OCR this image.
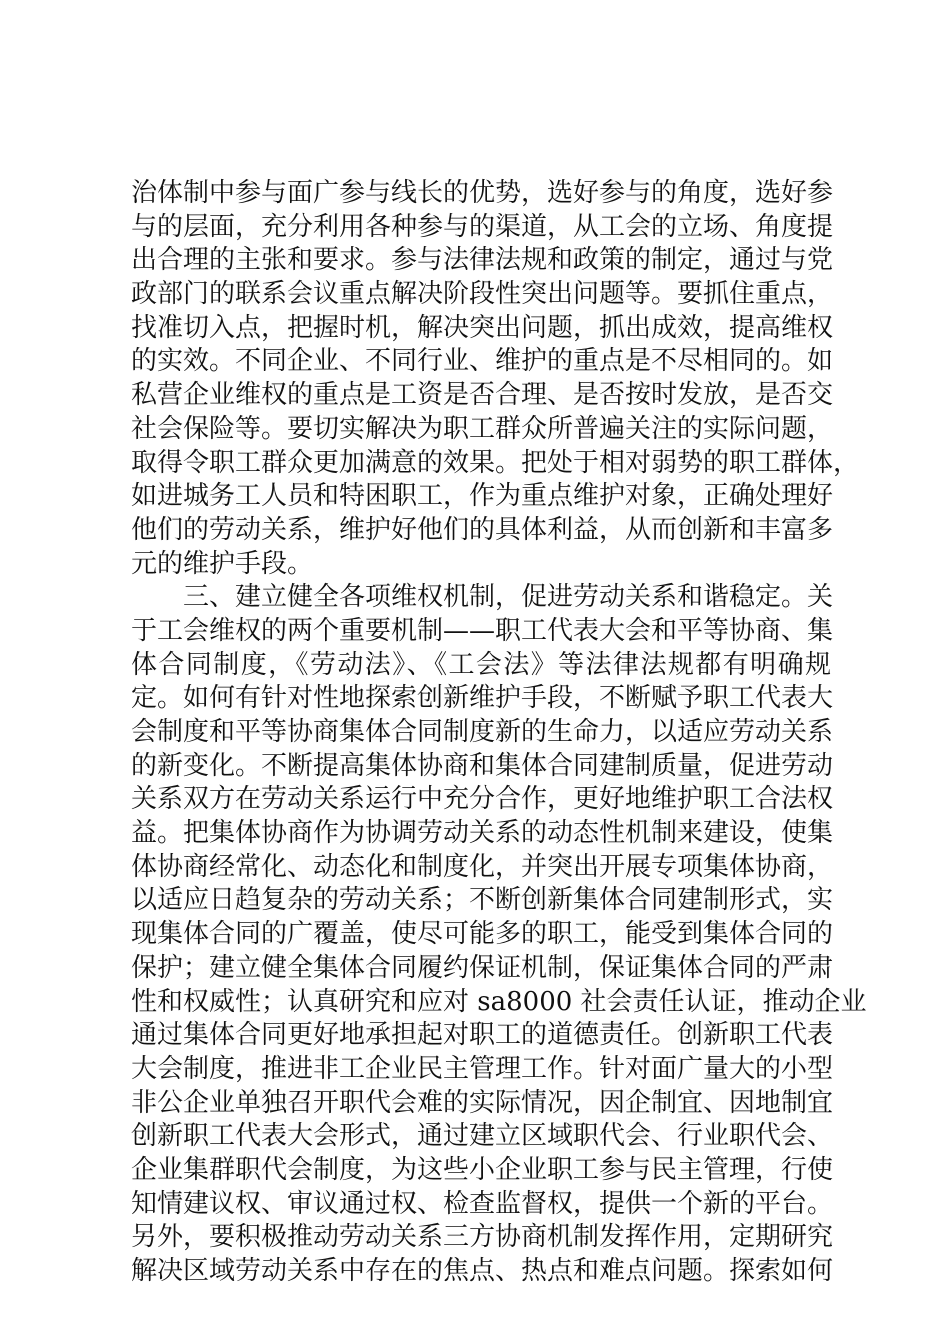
治体制中参与面广参与线长的优势，选好参与的角度，选好参
与的层面，充分利用各种参与的渠道，从工会的立场、角度提
出合理的主张和要求。参与法律法规和政策的制定，通过与党
政部门的联系会议重点解决阶段性突出问题等。要抓住重点，
找准切入点，把握时机，解决突出问题，抓出成效，提高维权
的实效。不同企业、不同行业、维护的重点是不尽相同的。如
私营企业维权的重点是工资是否合理、是否按时发放，是否交
社会保险等。要切实解决为职工群众所普遍关注的实际问题，
取得令职工群众更加满意的效果。把处于相对弱势的职工群体，
如进城务工人员和特困职工，作为重点维护对象，正确处理好
他们的劳动关系，维护好他们的具体利益，从而创新和丰富多
元的维护手段。
三、建立健全各项维权机制，促进劳动关系和谐稳定。关
于工会维权的两个重要机制——职工代表大会和平等协商、集
体合同制度，《劳动法》、《工会法》等法律法规都有明确规
定。如何有针对性地探索创新维护手段，不断赋予职工代表大
会制度和平等协商集体合同制度新的生命力，以适应劳动关系
的新变化。不断提高集体协商和集体合同建制质量，促进劳动
关系双方在劳动关系运行中充分合作，更好地维护职工合法权
益。把集体协商作为协调劳动关系的动态性机制来建设，使集
体协商经常化、动态化和制度化，并突出开展专项集体协商，
以适应日趋复杂的劳动关系；不断创新集体合同建制形式，实
现集体合同的广覆盖，使尽可能多的职工，能受到集体合同的
保护；建立健全集体合同履约保证机制，保证集体合同的严肃
性和权威性；认真研究和应对 sa8000 社会责任认证，推动企业
通过集体合同更好地承担起对职工的道德责任。创新职工代表
大会制度，推进非工企业民主管理工作。针对面广量大的小型
非公企业单独召开职代会难的实际情况，因企制宜、因地制宜
创新职工代表大会形式，通过建立区域职代会、行业职代会、
企业集群职代会制度，为这些小企业职工参与民主管理，行使
知情建议权、审议通过权、检查监督权，提供一个新的平台。
另外，要积极推动劳动关系三方协商机制发挥作用，定期研究
解决区域劳动关系中存在的焦点、热点和难点问题。探索如何
